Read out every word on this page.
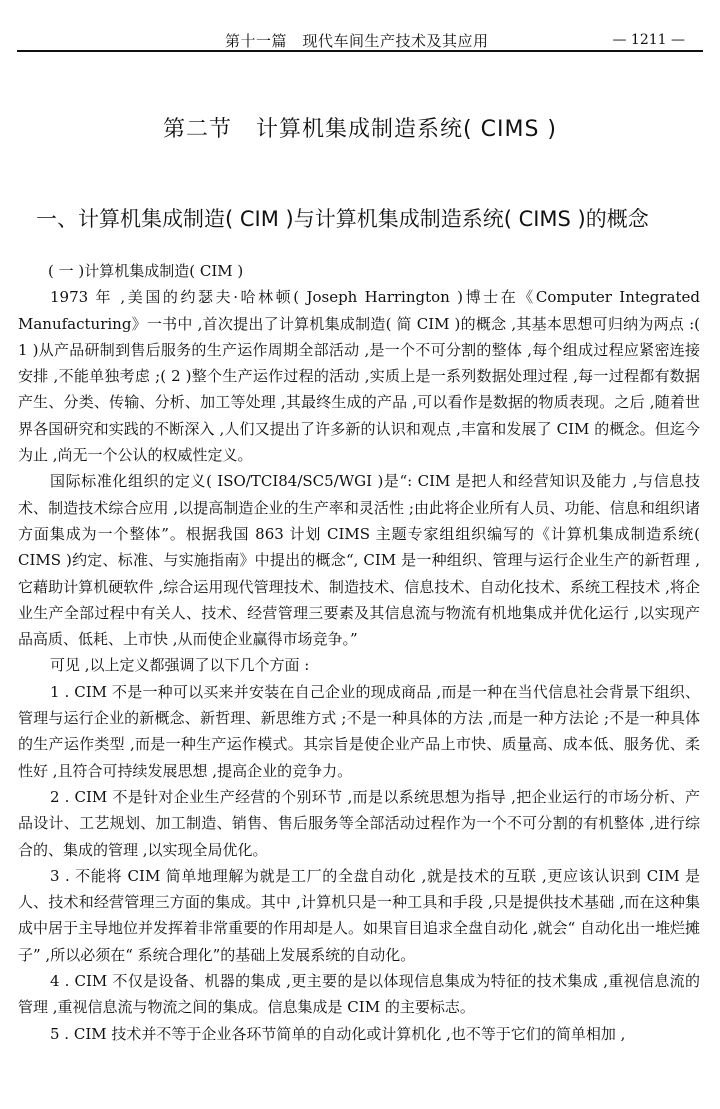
第十一篇　现代车间生产技术及其应用	— 1211 —
第二节 计算机集成制造系统( CIMS )
一、计算机集成制造( CIM )与计算机集成制造系统( CIMS )的概念

( 一 )计算机集成制造( CIM )

1973 年 ,美国的约瑟夫·哈林顿( Joseph Harrington )博士在《Computer Integrated Manufacturing》一书中 ,首次提出了计算机集成制造( 简 CIM )的概念 ,其基本思想可归纳为两点 :( 1 )从产品研制到售后服务的生产运作周期全部活动 ,是一个不可分割的整体 ,每个组成过程应紧密连接安排 ,不能单独考虑 ;( 2 )整个生产运作过程的活动 ,实质上是一系列数据处理过程 ,每一过程都有数据产生、分类、传输、分析、加工等处理 ,其最终生成的产品 ,可以看作是数据的物质表现。之后 ,随着世界各国研究和实践的不断深入 ,人们又提出了许多新的认识和观点 ,丰富和发展了 CIM 的概念。但迄今为止 ,尚无一个公认的权威性定义。

国际标准化组织的定义( ISO/TCI84/SC5/WGI )是“: CIM 是把人和经营知识及能力 ,与信息技术、制造技术综合应用 ,以提高制造企业的生产率和灵活性 ;由此将企业所有人员、功能、信息和组织诸方面集成为一个整体”。根据我国 863 计划 CIMS 主题专家组组织编写的《计算机集成制造系统( CIMS )约定、标准、与实施指南》中提出的概念“, CIM 是一种组织、管理与运行企业生产的新哲理 ,它藉助计算机硬软件 ,综合运用现代管理技术、制造技术、信息技术、自动化技术、系统工程技术 ,将企业生产全部过程中有关人、技术、经营管理三要素及其信息流与物流有机地集成并优化运行 ,以实现产品高质、低耗、上市快 ,从而使企业赢得市场竞争。”

可见 ,以上定义都强调了以下几个方面 :

1 . CIM 不是一种可以买来并安装在自己企业的现成商品 ,而是一种在当代信息社会背景下组织、管理与运行企业的新概念、新哲理、新思维方式 ;不是一种具体的方法 ,而是一种方法论 ;不是一种具体的生产运作类型 ,而是一种生产运作模式。其宗旨是使企业产品上市快、质量高、成本低、服务优、柔性好 ,且符合可持续发展思想 ,提高企业的竞争力。

2 . CIM 不是针对企业生产经营的个别环节 ,而是以系统思想为指导 ,把企业运行的市场分析、产品设计、工艺规划、加工制造、销售、售后服务等全部活动过程作为一个不可分割的有机整体 ,进行综合的、集成的管理 ,以实现全局优化。

3 . 不能将 CIM 简单地理解为就是工厂的全盘自动化 ,就是技术的互联 ,更应该认识到 CIM 是人、技术和经营管理三方面的集成。其中 ,计算机只是一种工具和手段 ,只是提供技术基础 ,而在这种集成中居于主导地位并发挥着非常重要的作用却是人。如果盲目追求全盘自动化 ,就会“ 自动化出一堆烂摊子” ,所以必须在“ 系统合理化”的基础上发展系统的自动化。

4 . CIM 不仅是设备、机器的集成 ,更主要的是以体现信息集成为特征的技术集成 ,重视信息流的管理 ,重视信息流与物流之间的集成。信息集成是 CIM 的主要标志。

5 . CIM 技术并不等于企业各环节简单的自动化或计算机化 ,也不等于它们的简单相加 ,
